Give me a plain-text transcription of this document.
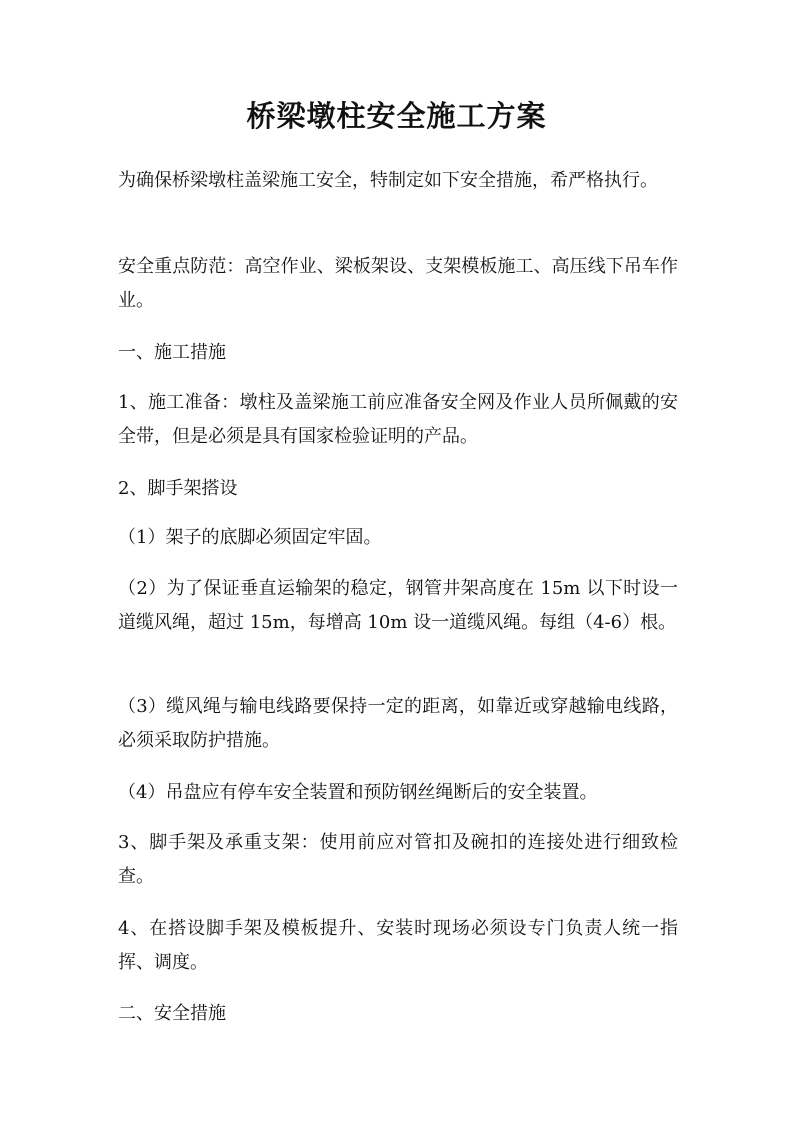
桥梁墩柱安全施工方案
为确保桥梁墩柱盖梁施工安全，特制定如下安全措施，希严格执行。
安全重点防范：高空作业、梁板架设、支架模板施工、高压线下吊车作业。
一、施工措施
1、施工准备：墩柱及盖梁施工前应准备安全网及作业人员所佩戴的安全带，但是必须是具有国家检验证明的产品。
2、脚手架搭设
（1）架子的底脚必须固定牢固。
（2）为了保证垂直运输架的稳定，钢管井架高度在 15m 以下时设一道缆风绳，超过 15m，每增高 10m 设一道缆风绳。每组（4-6）根。
（3）缆风绳与输电线路要保持一定的距离，如靠近或穿越输电线路，必须采取防护措施。
（4）吊盘应有停车安全装置和预防钢丝绳断后的安全装置。
3、脚手架及承重支架：使用前应对管扣及碗扣的连接处进行细致检查。
4、在搭设脚手架及模板提升、安装时现场必须设专门负责人统一指挥、调度。
二、安全措施
